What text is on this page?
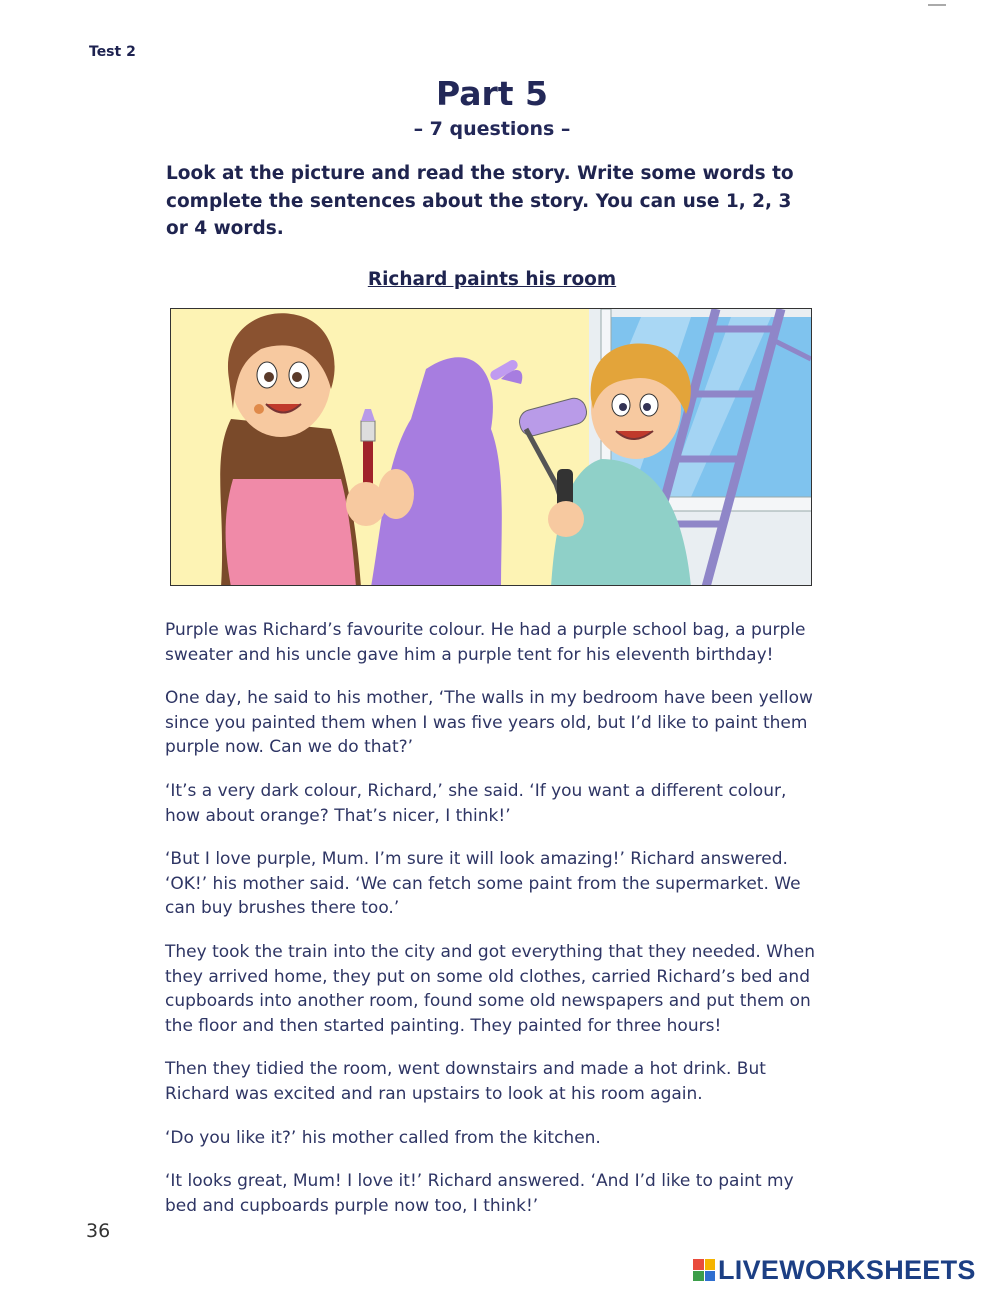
Test 2
Part 5
– 7 questions –
Look at the picture and read the story. Write some words to complete the sentences about the story. You can use 1, 2, 3 or 4 words.
Richard paints his room

Purple was Richard’s favourite colour. He had a purple school bag, a purple sweater and his uncle gave him a purple tent for his eleventh birthday!

One day, he said to his mother, ‘The walls in my bedroom have been yellow since you painted them when I was five years old, but I’d like to paint them purple now. Can we do that?’

‘It’s a very dark colour, Richard,’ she said. ‘If you want a different colour, how about orange? That’s nicer, I think!’

‘But I love purple, Mum. I’m sure it will look amazing!’ Richard answered. ‘OK!’ his mother said. ‘We can fetch some paint from the supermarket. We can buy brushes there too.’

They took the train into the city and got everything that they needed. When they arrived home, they put on some old clothes, carried Richard’s bed and cupboards into another room, found some old newspapers and put them on the floor and then started painting. They painted for three hours!

Then they tidied the room, went downstairs and made a hot drink. But Richard was excited and ran upstairs to look at his room again.

‘Do you like it?’ his mother called from the kitchen.

‘It looks great, Mum! I love it!’ Richard answered. ‘And I’d like to paint my bed and cupboards purple now too, I think!’

36
LIVEWORKSHEETS
